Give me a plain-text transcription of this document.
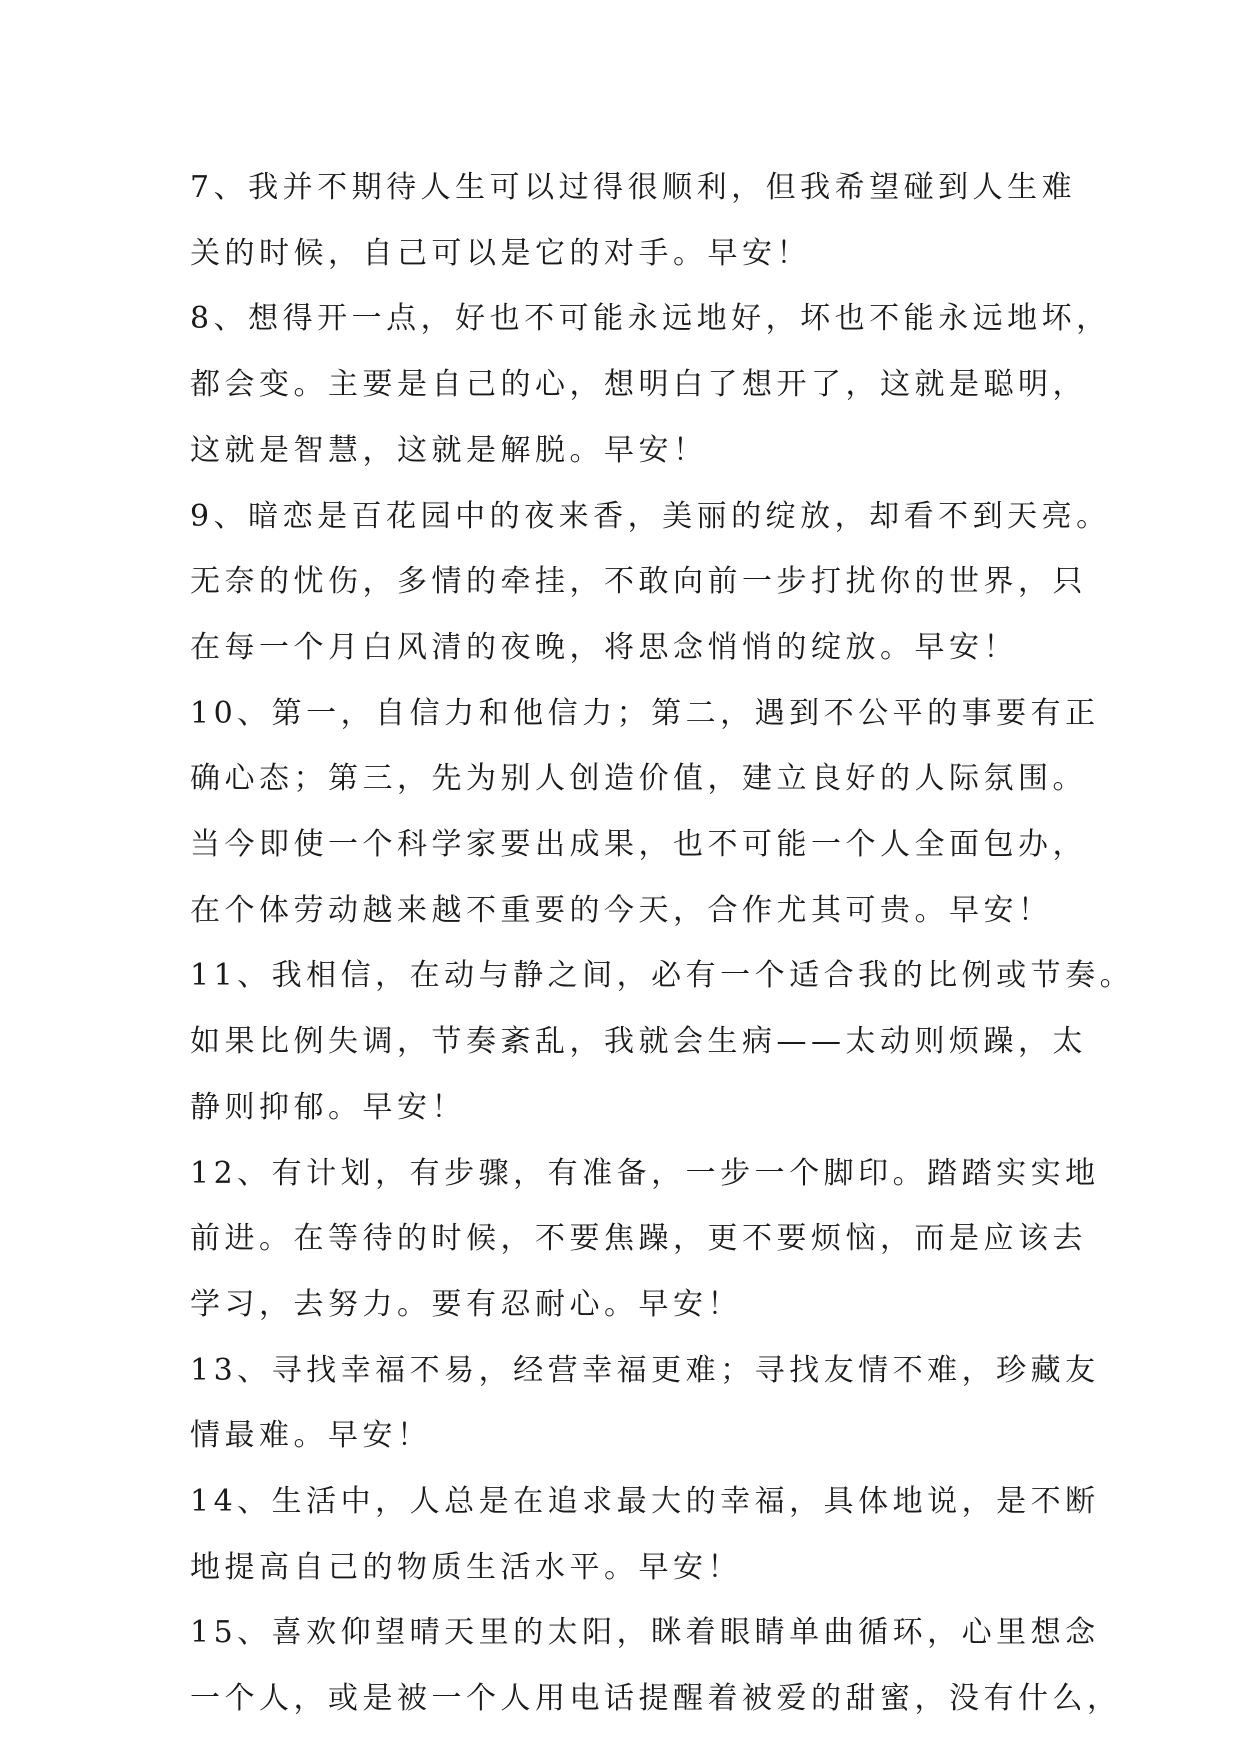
7、我并不期待人生可以过得很顺利，但我希望碰到人生难
关的时候，自己可以是它的对手。早安！

8、想得开一点，好也不可能永远地好，坏也不能永远地坏，
都会变。主要是自己的心，想明白了想开了，这就是聪明，
这就是智慧，这就是解脱。早安！

9、暗恋是百花园中的夜来香，美丽的绽放，却看不到天亮。
无奈的忧伤，多情的牵挂，不敢向前一步打扰你的世界，只
在每一个月白风清的夜晚，将思念悄悄的绽放。早安！

10、第一，自信力和他信力；第二，遇到不公平的事要有正
确心态；第三，先为别人创造价值，建立良好的人际氛围。
当今即使一个科学家要出成果，也不可能一个人全面包办，
在个体劳动越来越不重要的今天，合作尤其可贵。早安！

11、我相信，在动与静之间，必有一个适合我的比例或节奏。
如果比例失调，节奏紊乱，我就会生病——太动则烦躁，太
静则抑郁。早安！

12、有计划，有步骤，有准备，一步一个脚印。踏踏实实地
前进。在等待的时候，不要焦躁，更不要烦恼，而是应该去
学习，去努力。要有忍耐心。早安！

13、寻找幸福不易，经营幸福更难；寻找友情不难，珍藏友
情最难。早安！

14、生活中，人总是在追求最大的幸福，具体地说，是不断
地提高自己的物质生活水平。早安！

15、喜欢仰望晴天里的太阳，眯着眼睛单曲循环，心里想念
一个人，或是被一个人用电话提醒着被爱的甜蜜，没有什么，
